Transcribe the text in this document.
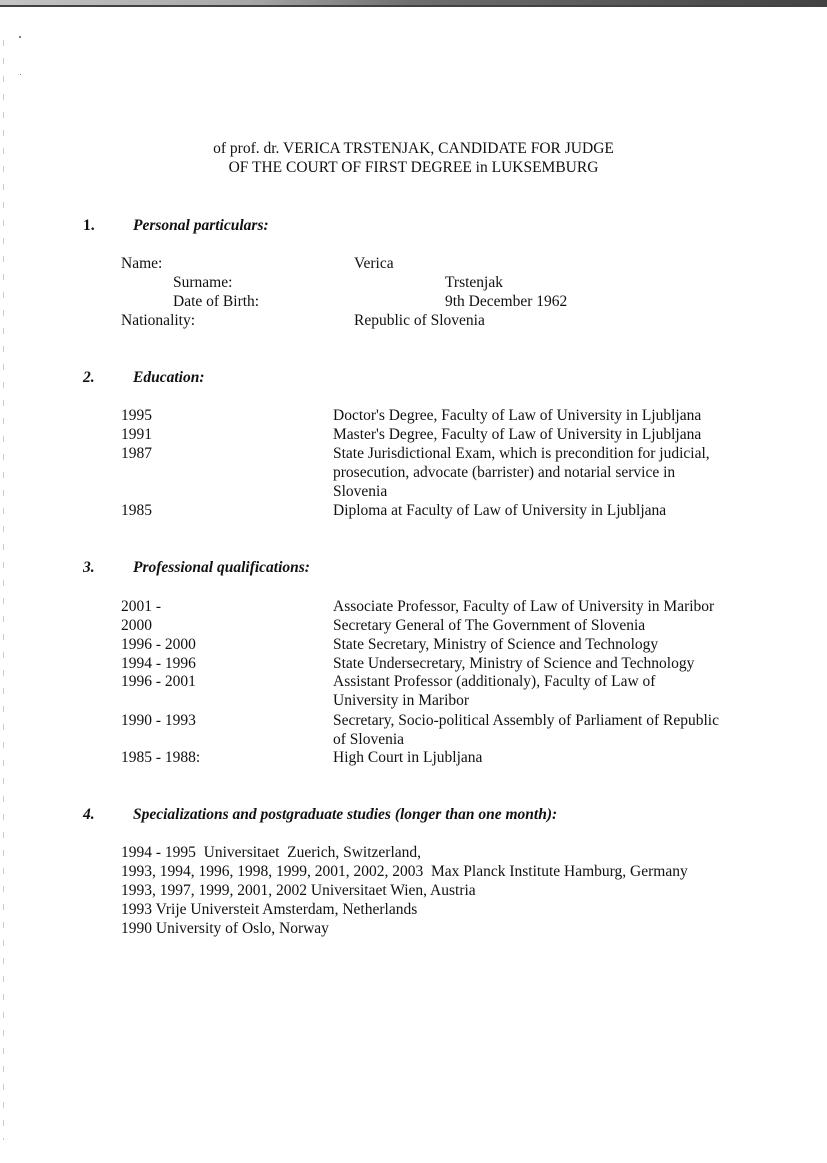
of prof. dr. VERICA TRSTENJAK, CANDIDATE FOR JUDGE
OF THE COURT OF FIRST DEGREE in LUKSEMBURG
1. Personal particulars:
Name:	Verica
Surname:	Trstenjak
Date of Birth:	9th December 1962
Nationality:	Republic of Slovenia
2. Education:
1995	Doctor's Degree, Faculty of Law of University in Ljubljana
1991	Master's Degree, Faculty of Law of University in Ljubljana
1987	State Jurisdictional Exam, which is precondition for judicial,
prosecution, advocate (barrister) and notarial service in
Slovenia
1985	Diploma at Faculty of Law of University in Ljubljana
3. Professional qualifications:
2001 -	Associate Professor, Faculty of Law of University in Maribor
2000	Secretary General of The Government of Slovenia
1996 - 2000	State Secretary, Ministry of Science and Technology
1994 - 1996	State Undersecretary, Ministry of Science and Technology
1996 - 2001	Assistant Professor (additionaly), Faculty of Law of
University in Maribor
1990 - 1993	Secretary, Socio-political Assembly of Parliament of Republic
of Slovenia
1985 - 1988:	High Court in Ljubljana
4. Specializations and postgraduate studies (longer than one month):
1994 - 1995  Universitaet  Zuerich, Switzerland,
1993, 1994, 1996, 1998, 1999, 2001, 2002, 2003  Max Planck Institute Hamburg, Germany
1993, 1997, 1999, 2001, 2002 Universitaet Wien, Austria
1993 Vrije Universteit Amsterdam, Netherlands
1990 University of Oslo, Norway
